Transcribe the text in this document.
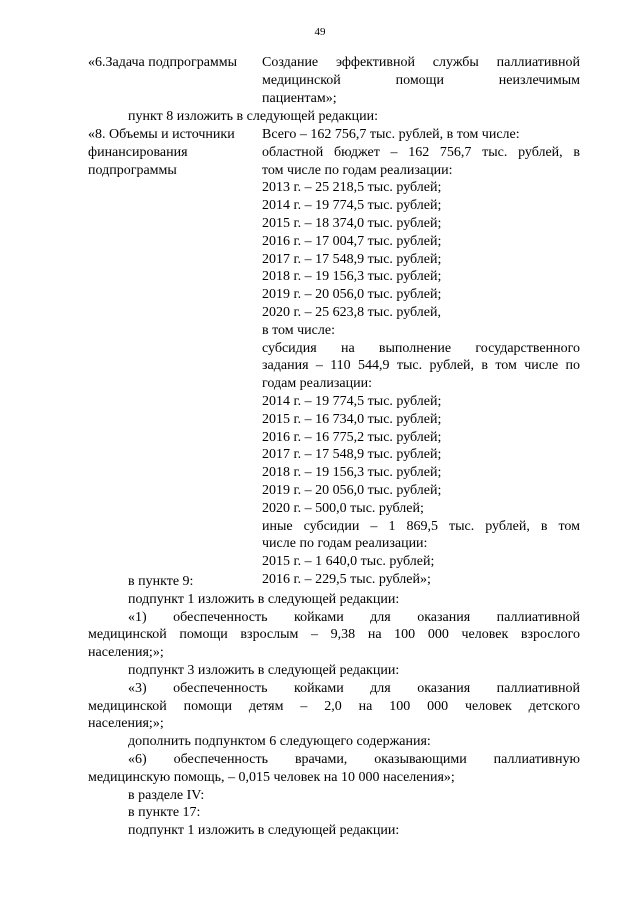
49
«6.Задача подпрограммы	Создание эффективной службы паллиативной
медицинской помощи неизлечимым
пациентам»;
пункт 8 изложить в следующей редакции:
«8. Объемы и источники
финансирования
подпрограммы
Всего – 162 756,7 тыс. рублей, в том числе:
областной бюджет – 162 756,7 тыс. рублей, в
том числе по годам реализации:
2013 г. – 25 218,5 тыс. рублей;
2014 г. – 19 774,5 тыс. рублей;
2015 г. – 18 374,0 тыс. рублей;
2016 г. – 17 004,7 тыс. рублей;
2017 г. – 17 548,9 тыс. рублей;
2018 г. – 19 156,3 тыс. рублей;
2019 г. – 20 056,0 тыс. рублей;
2020 г. – 25 623,8 тыс. рублей,
в том числе:
субсидия на выполнение государственного
задания – 110 544,9 тыс. рублей, в том числе по
годам реализации:
2014 г. – 19 774,5 тыс. рублей;
2015 г. – 16 734,0 тыс. рублей;
2016 г. – 16 775,2 тыс. рублей;
2017 г. – 17 548,9 тыс. рублей;
2018 г. – 19 156,3 тыс. рублей;
2019 г. – 20 056,0 тыс. рублей;
2020 г. – 500,0 тыс. рублей;
иные субсидии – 1 869,5 тыс. рублей, в том
числе по годам реализации:
2015 г. – 1 640,0 тыс. рублей;
2016 г. – 229,5 тыс. рублей»;
в пункте 9:
подпункт 1 изложить в следующей редакции:
«1) обеспеченность койками для оказания паллиативной
медицинской помощи взрослым – 9,38 на 100 000 человек взрослого
населения;»;
подпункт 3 изложить в следующей редакции:
«3) обеспеченность койками для оказания паллиативной
медицинской помощи детям – 2,0 на 100 000 человек детского
населения;»;
дополнить подпунктом 6 следующего содержания:
«6) обеспеченность врачами, оказывающими паллиативную
медицинскую помощь, – 0,015 человек на 10 000 населения»;
в разделе IV:
в пункте 17:
подпункт 1 изложить в следующей редакции:
